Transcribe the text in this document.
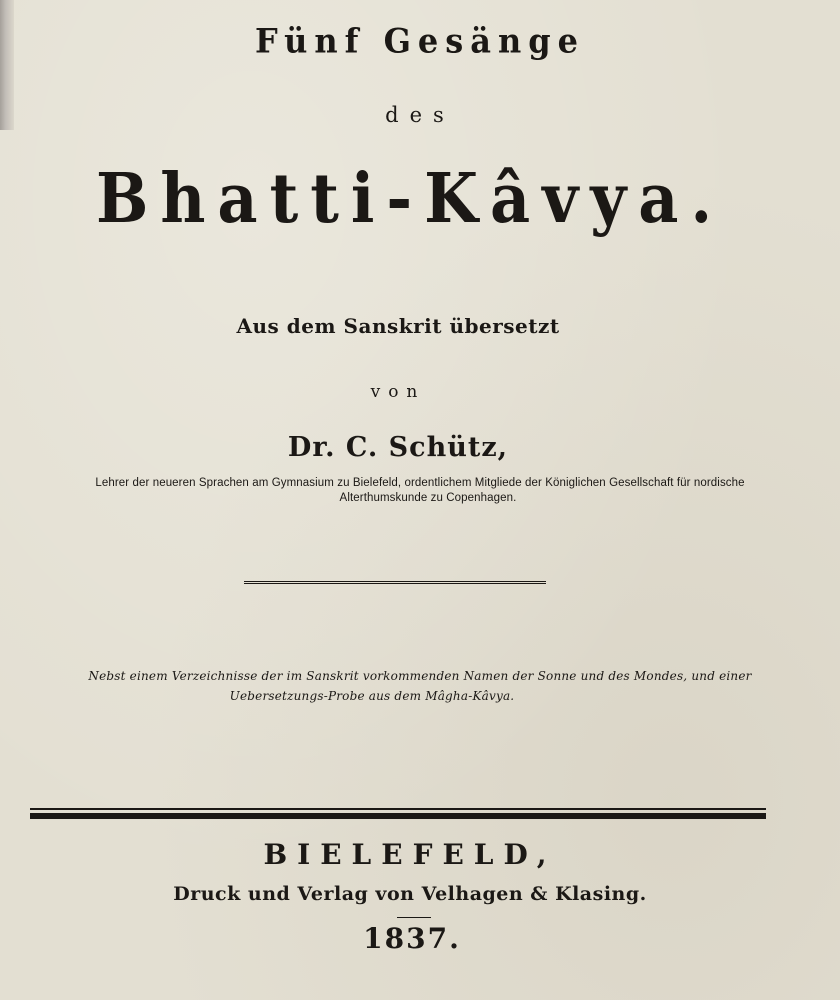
Fünf Gesänge
des
Bhatti-Kâvya.
Aus dem Sanskrit übersetzt
von
Dr. C. Schütz,
Lehrer der neueren Sprachen am Gymnasium zu Bielefeld, ordentlichem Mitgliede der Königlichen Gesellschaft für nordische
Alterthumskunde zu Copenhagen.
Nebst einem Verzeichnisse der im Sanskrit vorkommenden Namen der Sonne und des Mondes, und einer
Uebersetzungs-Probe aus dem Mâgha-Kâvya.
BIELEFELD,
Druck und Verlag von Velhagen & Klasing.
1837.
